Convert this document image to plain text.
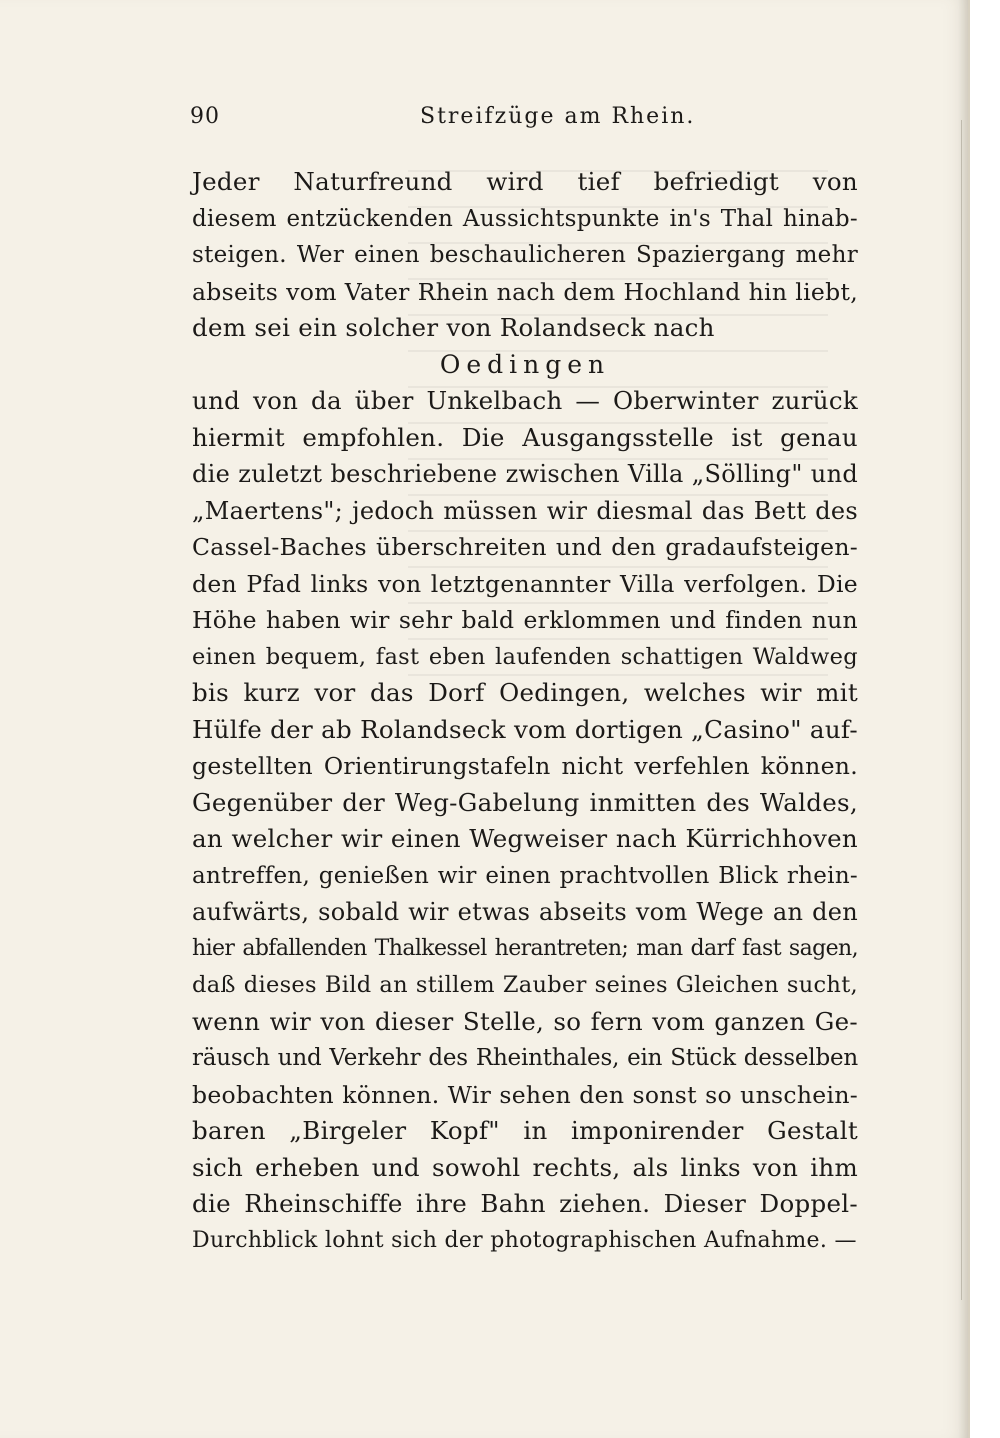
90	Streifzüge am Rhein.
Jeder Naturfreund wird tief befriedigt von
diesem entzückenden Aussichtspunkte in's Thal hinab-
steigen. Wer einen beschaulicheren Spaziergang mehr
abseits vom Vater Rhein nach dem Hochland hin liebt,
dem sei ein solcher von Rolandseck nach
Oedingen
und von da über Unkelbach — Oberwinter zurück
hiermit empfohlen. Die Ausgangsstelle ist genau
die zuletzt beschriebene zwischen Villa „Sölling" und
„Maertens"; jedoch müssen wir diesmal das Bett des
Cassel-Baches überschreiten und den gradaufsteigen-
den Pfad links von letztgenannter Villa verfolgen. Die
Höhe haben wir sehr bald erklommen und finden nun
einen bequem, fast eben laufenden schattigen Waldweg
bis kurz vor das Dorf Oedingen, welches wir mit
Hülfe der ab Rolandseck vom dortigen „Casino" auf-
gestellten Orientirungstafeln nicht verfehlen können.
Gegenüber der Weg-Gabelung inmitten des Waldes,
an welcher wir einen Wegweiser nach Kürrichhoven
antreffen, genießen wir einen prachtvollen Blick rhein-
aufwärts, sobald wir etwas abseits vom Wege an den
hier abfallenden Thalkessel herantreten; man darf fast sagen,
daß dieses Bild an stillem Zauber seines Gleichen sucht,
wenn wir von dieser Stelle, so fern vom ganzen Ge-
räusch und Verkehr des Rheinthales, ein Stück desselben
beobachten können. Wir sehen den sonst so unschein-
baren „Birgeler Kopf" in imponirender Gestalt
sich erheben und sowohl rechts, als links von ihm
die Rheinschiffe ihre Bahn ziehen. Dieser Doppel-
Durchblick lohnt sich der photographischen Aufnahme. —
